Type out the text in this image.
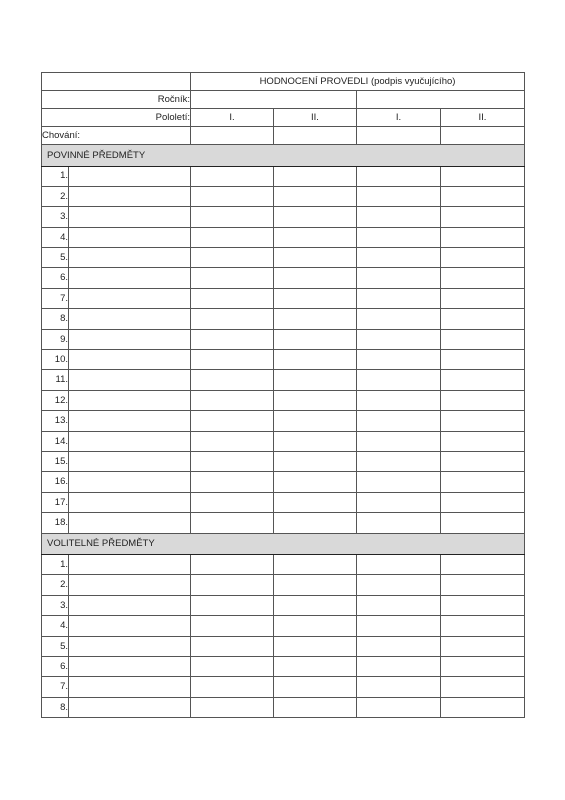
		HODNOCENÍ PROVEDLI (podpis vyučujícího)			
Ročník:					
Pololetí:		I.	II.	I.	II.
Chování:					
POVINNÉ PŘEDMĚTY					
1.					
2.					
3.					
4.					
5.					
6.					
7.					
8.					
9.					
10.					
11.					
12.					
13.					
14.					
15.					
16.					
17.					
18.					
VOLITELNÉ PŘEDMĚTY					
1.					
2.					
3.					
4.					
5.					
6.					
7.					
8.					
